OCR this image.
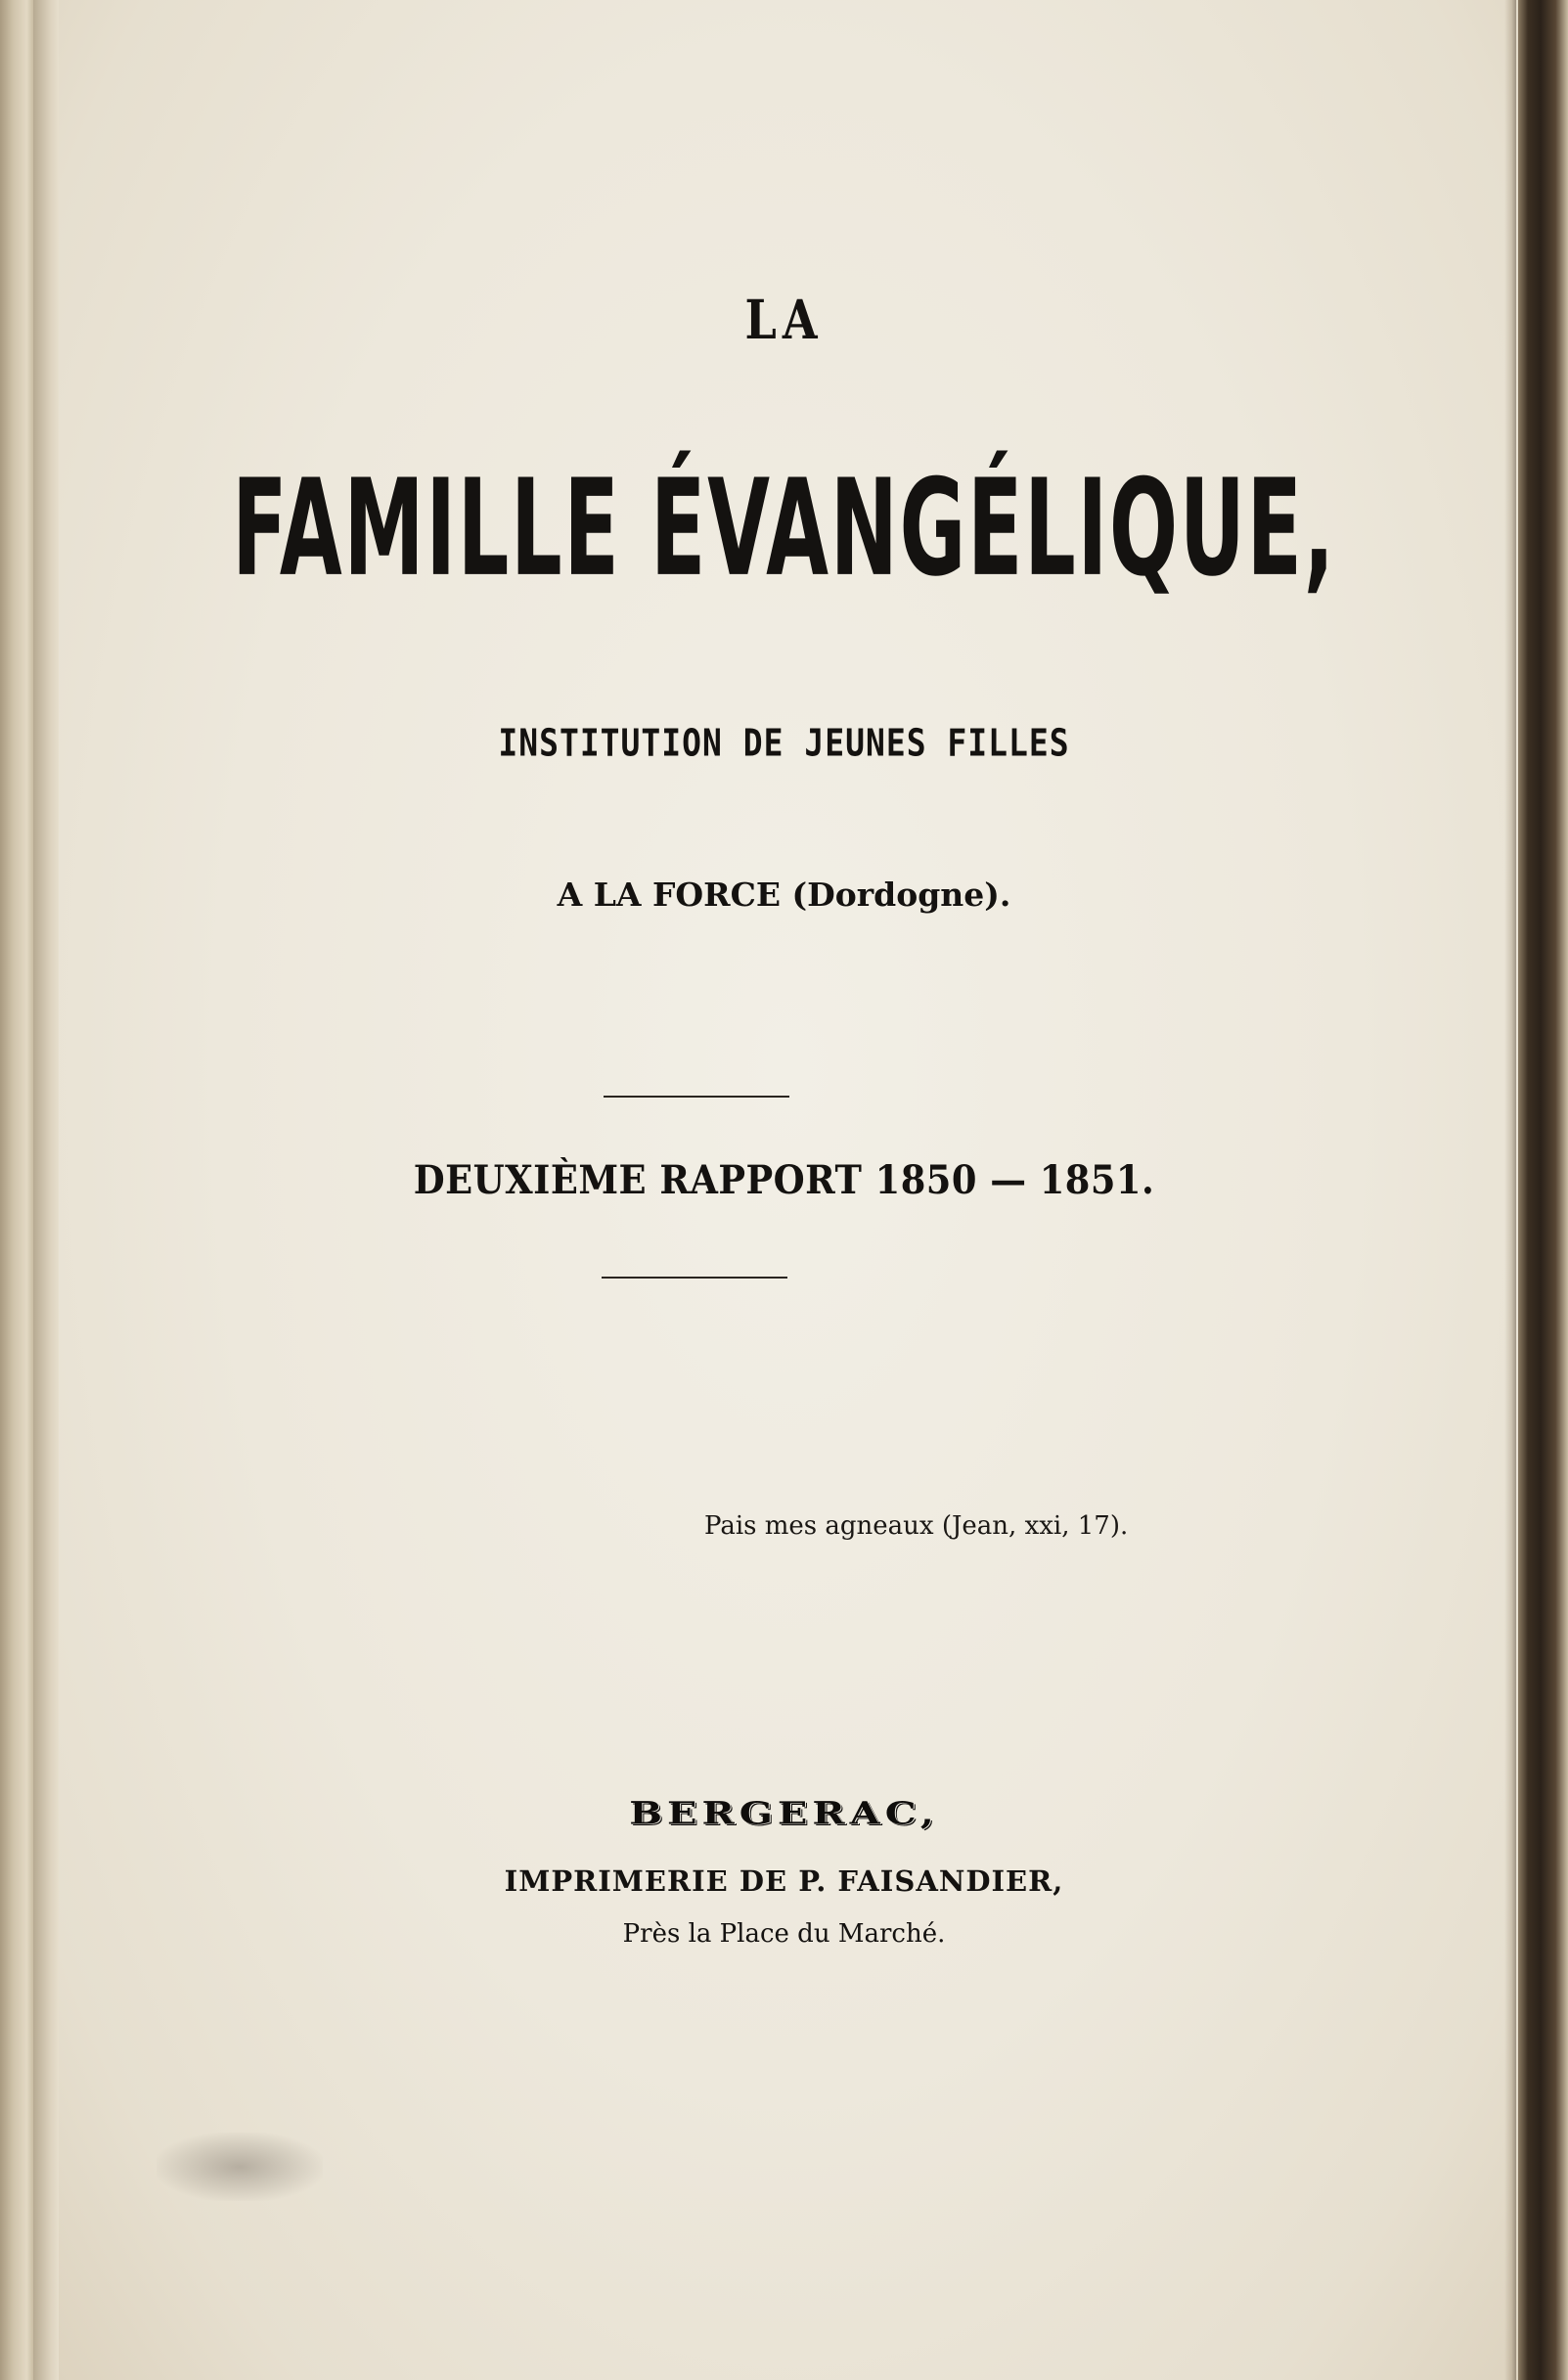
LA
FAMILLE ÉVANGÉLIQUE,
INSTITUTION DE JEUNES FILLES
A LA FORCE (Dordogne).
DEUXIÈME RAPPORT 1850 — 1851.
Pais mes agneaux (Jean, xxi, 17).
BERGERAC,
IMPRIMERIE DE P. FAISANDIER,
Près la Place du Marché.
